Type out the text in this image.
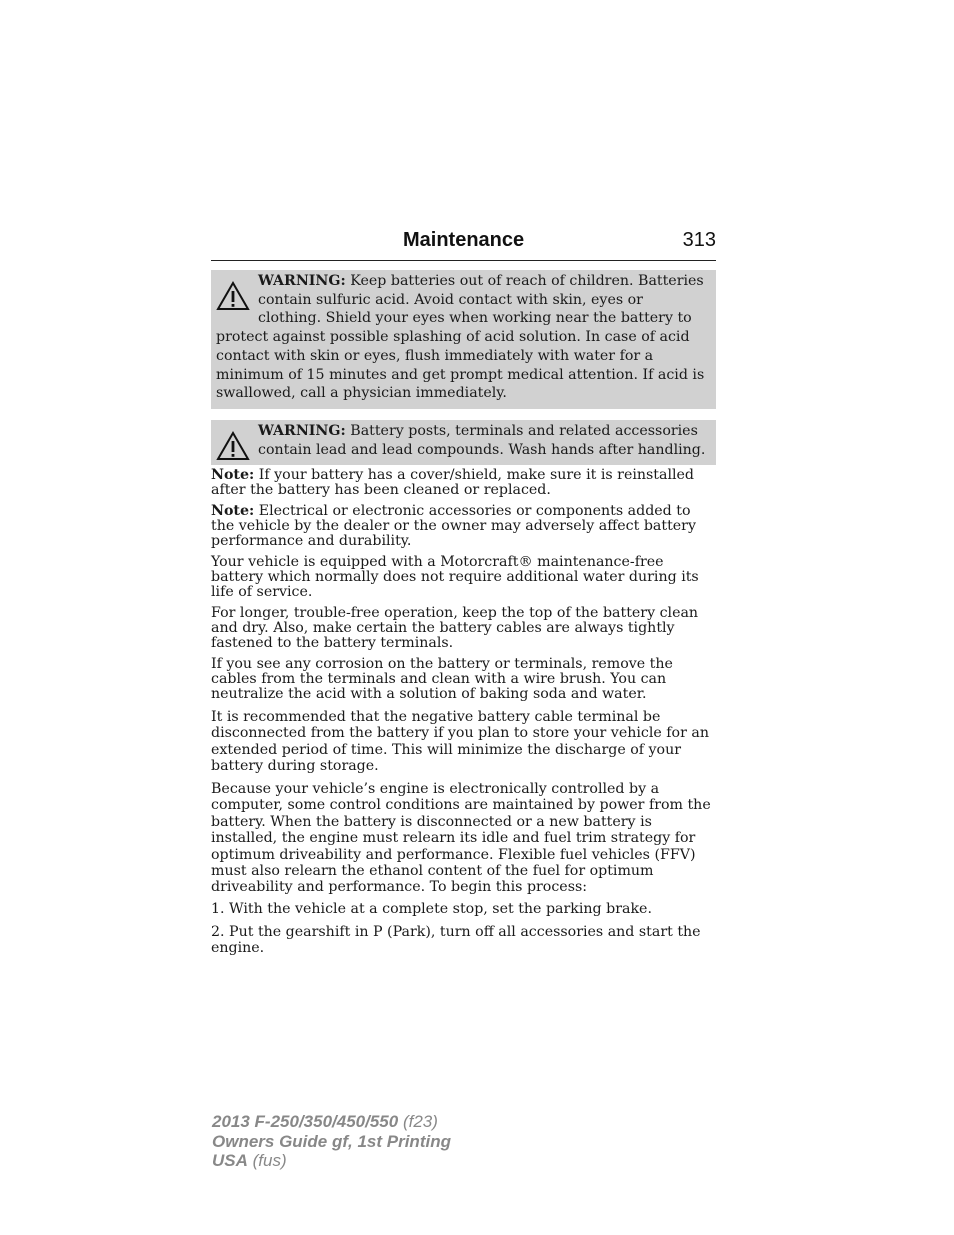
Maintenance	313
WARNING: Keep batteries out of reach of children. Batteries contain sulfuric acid. Avoid contact with skin, eyes or clothing. Shield your eyes when working near the battery to protect against possible splashing of acid solution. In case of acid contact with skin or eyes, flush immediately with water for a minimum of 15 minutes and get prompt medical attention. If acid is swallowed, call a physician immediately.
WARNING: Battery posts, terminals and related accessories contain lead and lead compounds. Wash hands after handling.

Note: If your battery has a cover/shield, make sure it is reinstalled after the battery has been cleaned or replaced.

Note: Electrical or electronic accessories or components added to the vehicle by the dealer or the owner may adversely affect battery performance and durability.

Your vehicle is equipped with a Motorcraft® maintenance-free battery which normally does not require additional water during its life of service.

For longer, trouble-free operation, keep the top of the battery clean and dry. Also, make certain the battery cables are always tightly fastened to the battery terminals.

If you see any corrosion on the battery or terminals, remove the cables from the terminals and clean with a wire brush. You can neutralize the acid with a solution of baking soda and water.

It is recommended that the negative battery cable terminal be disconnected from the battery if you plan to store your vehicle for an extended period of time. This will minimize the discharge of your battery during storage.

Because your vehicle’s engine is electronically controlled by a computer, some control conditions are maintained by power from the battery. When the battery is disconnected or a new battery is installed, the engine must relearn its idle and fuel trim strategy for optimum driveability and performance. Flexible fuel vehicles (FFV) must also relearn the ethanol content of the fuel for optimum driveability and performance. To begin this process:

1. With the vehicle at a complete stop, set the parking brake.

2. Put the gearshift in P (Park), turn off all accessories and start the engine.

2013 F-250/350/450/550 (f23)
Owners Guide gf, 1st Printing
USA (fus)
